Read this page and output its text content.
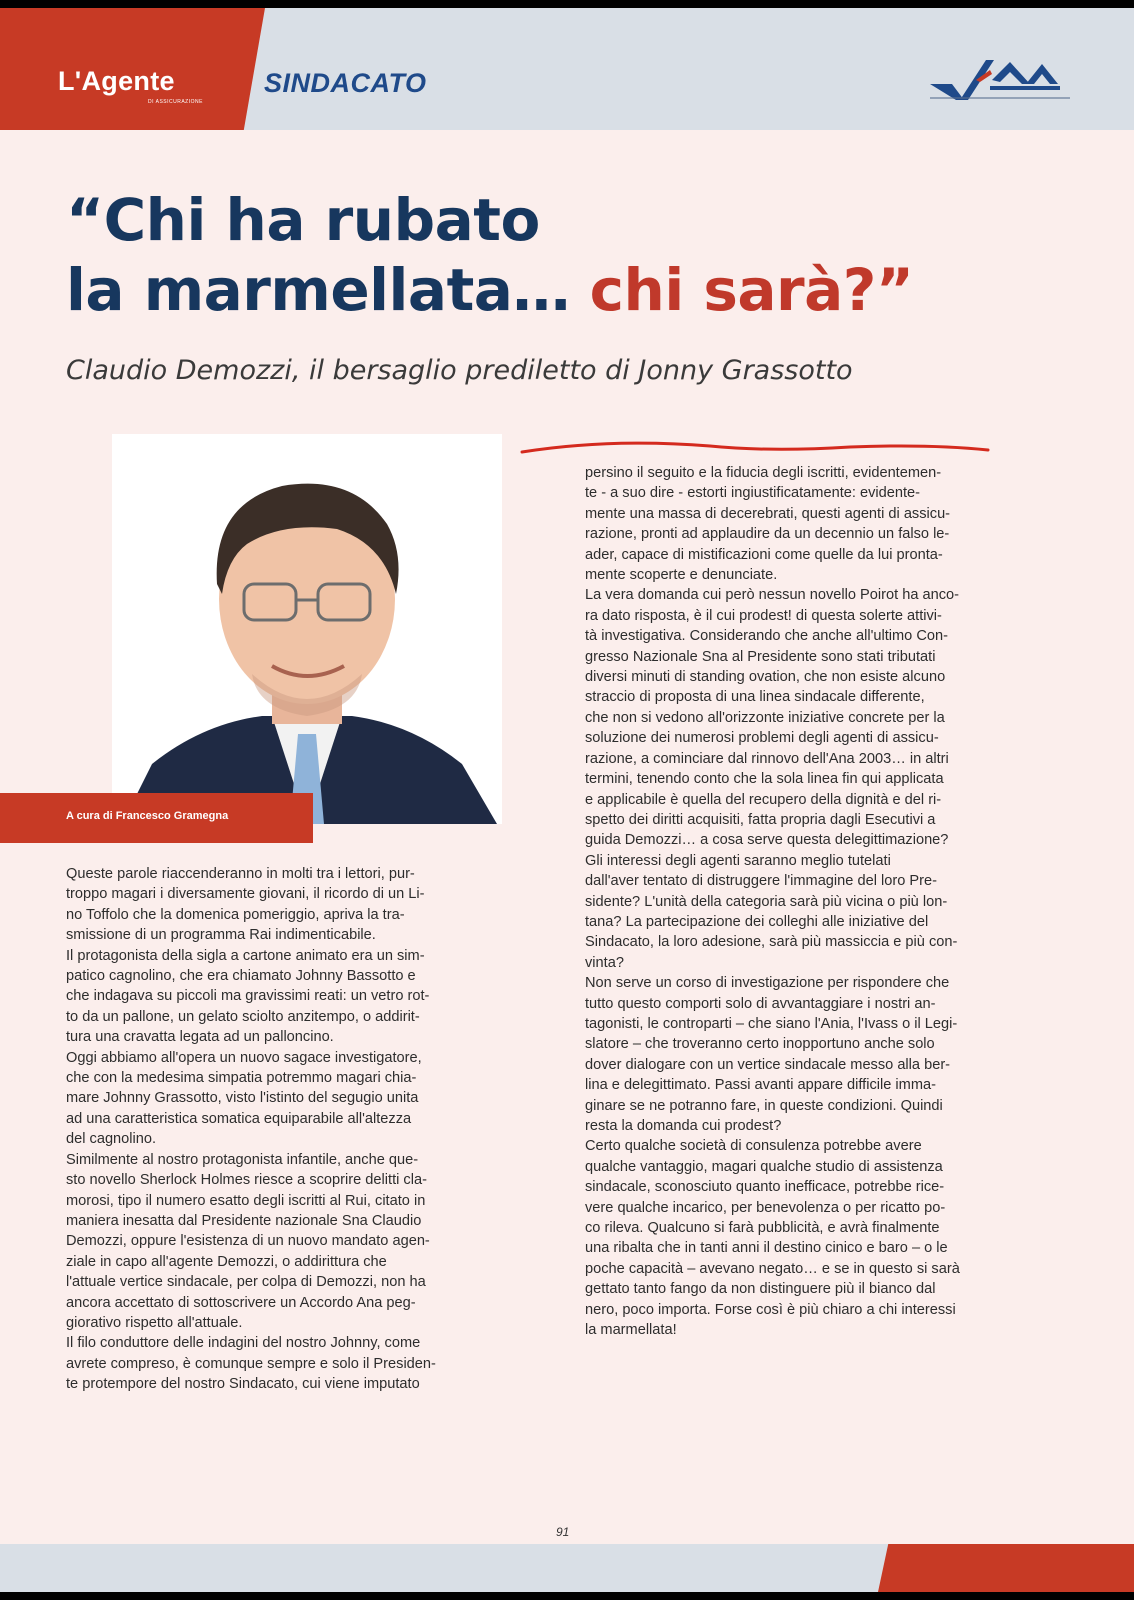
L'Agente
DI ASSICURAZIONE
SINDACATO
“Chi ha rubato
la marmellata… chi sarà?”
Claudio Demozzi, il bersaglio prediletto di Jonny Grassotto
A cura di Francesco Gramegna

Queste parole riaccenderanno in molti tra i lettori, pur-

troppo magari i diversamente giovani, il ricordo di un Li-

no Toffolo che la domenica pomeriggio, apriva la tra-

smissione di un programma Rai indimenticabile.

Il protagonista della sigla a cartone animato era un sim-

patico cagnolino, che era chiamato Johnny Bassotto e

che indagava su piccoli ma gravissimi reati: un vetro rot-

to da un pallone, un gelato sciolto anzitempo, o addirit-

tura una cravatta legata ad un palloncino.

Oggi abbiamo all'opera un nuovo sagace investigatore,

che con la medesima simpatia potremmo magari chia-

mare Johnny Grassotto, visto l'istinto del segugio unita

ad una caratteristica somatica equiparabile all'altezza

del cagnolino.

Similmente al nostro protagonista infantile, anche que-

sto novello Sherlock Holmes riesce a scoprire delitti cla-

morosi, tipo il numero esatto degli iscritti al Rui, citato in

maniera inesatta dal Presidente nazionale Sna Claudio

Demozzi, oppure l'esistenza di un nuovo mandato agen-

ziale in capo all'agente Demozzi, o addirittura che

l'attuale vertice sindacale, per colpa di Demozzi, non ha

ancora accettato di sottoscrivere un Accordo Ana peg-

giorativo rispetto all'attuale.

Il filo conduttore delle indagini del nostro Johnny, come

avrete compreso, è comunque sempre e solo il Presiden-

te protempore del nostro Sindacato, cui viene imputato

persino il seguito e la fiducia degli iscritti, evidentemen-

te - a suo dire - estorti ingiustificatamente: evidente-

mente una massa di decerebrati, questi agenti di assicu-

razione, pronti ad applaudire da un decennio un falso le-

ader, capace di mistificazioni come quelle da lui pronta-

mente scoperte e denunciate.

La vera domanda cui però nessun novello Poirot ha anco-

ra dato risposta, è il cui prodest! di questa solerte attivi-

tà investigativa. Considerando che anche all'ultimo Con-

gresso Nazionale Sna al Presidente sono stati tributati

diversi minuti di standing ovation, che non esiste alcuno

straccio di proposta di una linea sindacale differente,

che non si vedono all'orizzonte iniziative concrete per la

soluzione dei numerosi problemi degli agenti di assicu-

razione, a cominciare dal rinnovo dell'Ana 2003… in altri

termini, tenendo conto che la sola linea fin qui applicata

e applicabile è quella del recupero della dignità e del ri-

spetto dei diritti acquisiti, fatta propria dagli Esecutivi a

guida Demozzi… a cosa serve questa delegittimazione?

Gli interessi degli agenti saranno meglio tutelati

dall'aver tentato di distruggere l'immagine del loro Pre-

sidente? L'unità della categoria sarà più vicina o più lon-

tana? La partecipazione dei colleghi alle iniziative del

Sindacato, la loro adesione, sarà più massiccia e più con-

vinta?

Non serve un corso di investigazione per rispondere che

tutto questo comporti solo di avvantaggiare i nostri an-

tagonisti, le controparti – che siano l'Ania, l'Ivass o il Legi-

slatore – che troveranno certo inopportuno anche solo

dover dialogare con un vertice sindacale messo alla ber-

lina e delegittimato. Passi avanti appare difficile imma-

ginare se ne potranno fare, in queste condizioni. Quindi

resta la domanda cui prodest?

Certo qualche società di consulenza potrebbe avere

qualche vantaggio, magari qualche studio di assistenza

sindacale, sconosciuto quanto inefficace, potrebbe rice-

vere qualche incarico, per benevolenza o per ricatto po-

co rileva. Qualcuno si farà pubblicità, e avrà finalmente

una ribalta che in tanti anni il destino cinico e baro – o le

poche capacità – avevano negato… e se in questo si sarà

gettato tanto fango da non distinguere più il bianco dal

nero, poco importa. Forse così è più chiaro a chi interessi

la marmellata!

91
